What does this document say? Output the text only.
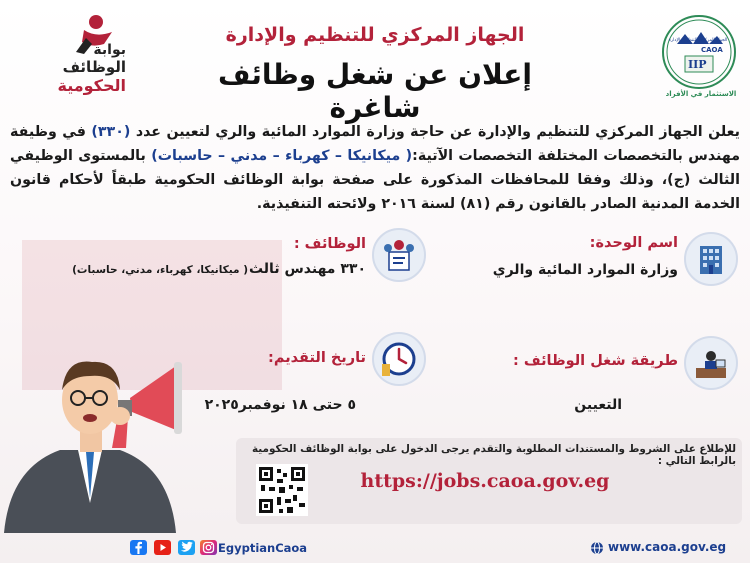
بوابة
الوظائف
الحكومية
CAOA
الجهاز المركزي للتنظيم والإدارة
IIP
الاستثمار في الأفراد
الجهاز المركزي للتنظيم والإدارة
إعلان عن شغل وظائف شاغرة
يعلن الجهاز المركزي للتنظيم والإدارة عن حاجة وزارة الموارد المائية والري لتعيين عدد (٣٣٠) في وظيفة مهندس بالتخصصات المختلفة التخصصات الآتية:( ميكانيكا – كهرباء – مدني – حاسبات) بالمستوى الوظيفي الثالث (ج)، وذلك وفقا للمحافظات المذكورة على صفحة بوابة الوظائف الحكومية طبقاً لأحكام قانون الخدمة المدنية الصادر بالقانون رقم (٨١) لسنة ٢٠١٦ ولائحته التنفيذية.
اسم الوحدة:
وزارة الموارد المائية والري
الوظائف :
٣٣٠ مهندس ثالث
( ميكانيكا، كهرباء، مدني، حاسبات)
طريقة شغل الوظائف :
التعيين
تاريخ التقديم:
٥ حتى ١٨ نوفمبر٢٠٢٥
للإطلاع على الشروط والمستندات المطلوبة والتقدم يرجى الدخول على بوابة الوظائف الحكومية بالرابط التالي :
https://jobs.caoa.gov.eg
www.caoa.gov.eg
EgyptianCaoa
